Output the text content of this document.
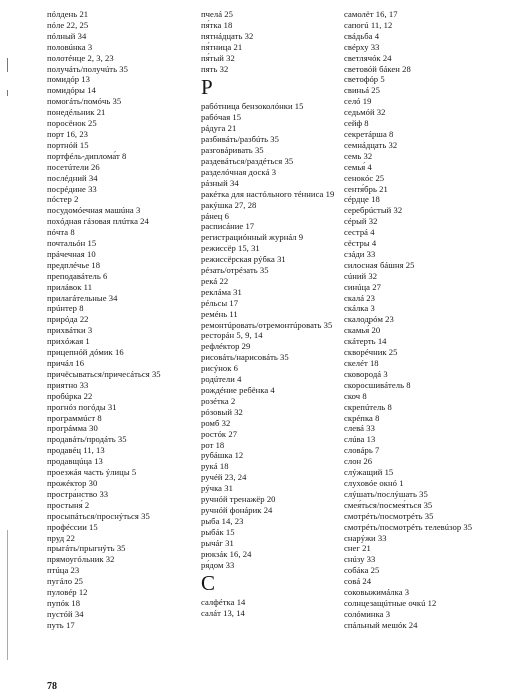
пóлдень 21
пóле 22, 25
пóлный 34
половúнка 3
полотéнце 2, 3, 23
получáть/получúть 35
помидóр 13
помидóры 14
помогáть/помóчь 35
понедéльник 21
поросёнок 25
порт 16, 23
портнóй 15
портфéль-диплома́т 8
посетúтели 26
послéдний 34
посрéдине 33
пóстер 2
посудомóечная машúна 3
похóдная гáзовая плúтка 24
пóчта 8
почтальóн 15
прáчечная 10
предплéчье 18
преподавáтель 6
прилáвок 11
прилагáтельные 34
прúнтер 8
прирóда 22
прихвáтки 3
прихóжая 1
прицепнóй дóмик 16
причáл 16
причёсываться/причесáться 35
приятно 33
пробúрка 22
прогнóз погóды 31
программúст 8
прогрáмма 30
продавáть/продáть 35
продавéц 11, 13
продавщúца 13
проезжáя часть ýлицы 5
прожéктор 30
простра́нство 33
простыня́ 2
просыпáться/проснýться 35
профéссии 15
пруд 22
прыгáть/прыгнýть 35
прямоугóльник 32
птúца 23
пугáло 25
пуловéр 12
пупóк 18
пустóй 34
путь 17
пчелá 25
пя́тка 18
пятнáдцать 32
пя́тница 21
пя́тый 32
пять 32
Р
рабóтница бензоколóнки 15
рабóчая 15
рáдуга 21
разбивáть/разбúть 35
разговáривать 35
раздевáться/раздéться 35
разделóчная доскá 3
рáзный 34
ракéтка для настóльного тéнниса 19
ракýшка 27, 28
рáнец 6
расписáние 17
регистрациóнный журнáл 9
режиссёр 15, 31
режиссёрская рýбка 31
рéзать/отрéзать 35
рекá 22
реклáма 31
рéльсы 17
ремéнь 11
ремонтúровать/отремонтúровать 35
ресторáн 5, 9, 14
рефлéктор 29
рисовáть/нарисовáть 35
рисýнок 6
родúтели 4
рождéние ребёнка 4
розéтка 2
рóзовый 32
ромб 32
ростóк 27
рот 18
рубáшка 12
рукá 18
ручéй 23, 24
рýчка 31
ручнóй тренажёр 20
ручнóй фонáрик 24
рыба 14, 23
рыбáк 15
рычáг 31
рюкзáк 16, 24
ря́дом 33
С
салфéтка 14
салáт 13, 14
самолёт 16, 17
сапогú 11, 12
свáдьба 4
свéрху 33
светлячóк 24
световóй бáкен 28
светофóр 5
свиньá 25
селó 19
седьмóй 32
сейф 8
секретáрша 8
семнáдцать 32
семь 32
семья́ 4
сенокóс 25
сентя́брь 21
сéрдце 18
серебрúстый 32
сéрый 32
сестрá 4
сёстры 4
сзáди 33
силосная бáшня 25
сúний 32
синúца 27
скалá 23
скáлка 3
скалодрóм 23
скамья́ 20
скáтерть 14
скворéчник 25
скелéт 18
сковородá 3
скоросшивáтель 8
скоч 8
скрепúтель 8
скрéпка 8
слевá 33
слúва 13
словáрь 7
слон 26
слýжащий 15
слуховóе окнó 1
слýшать/послýшать 35
смея́ться/посмея́ться 35
смотрéть/посмотрéть 35
смотрéть/посмотрéть телевúзор 35
снарýжи 33
снег 21
снúзу 33
собáка 25
совá 24
соковыжимáлка 3
солнцезащúтные очкú 12
солóминка 3
спáльный мешóк 24
78
